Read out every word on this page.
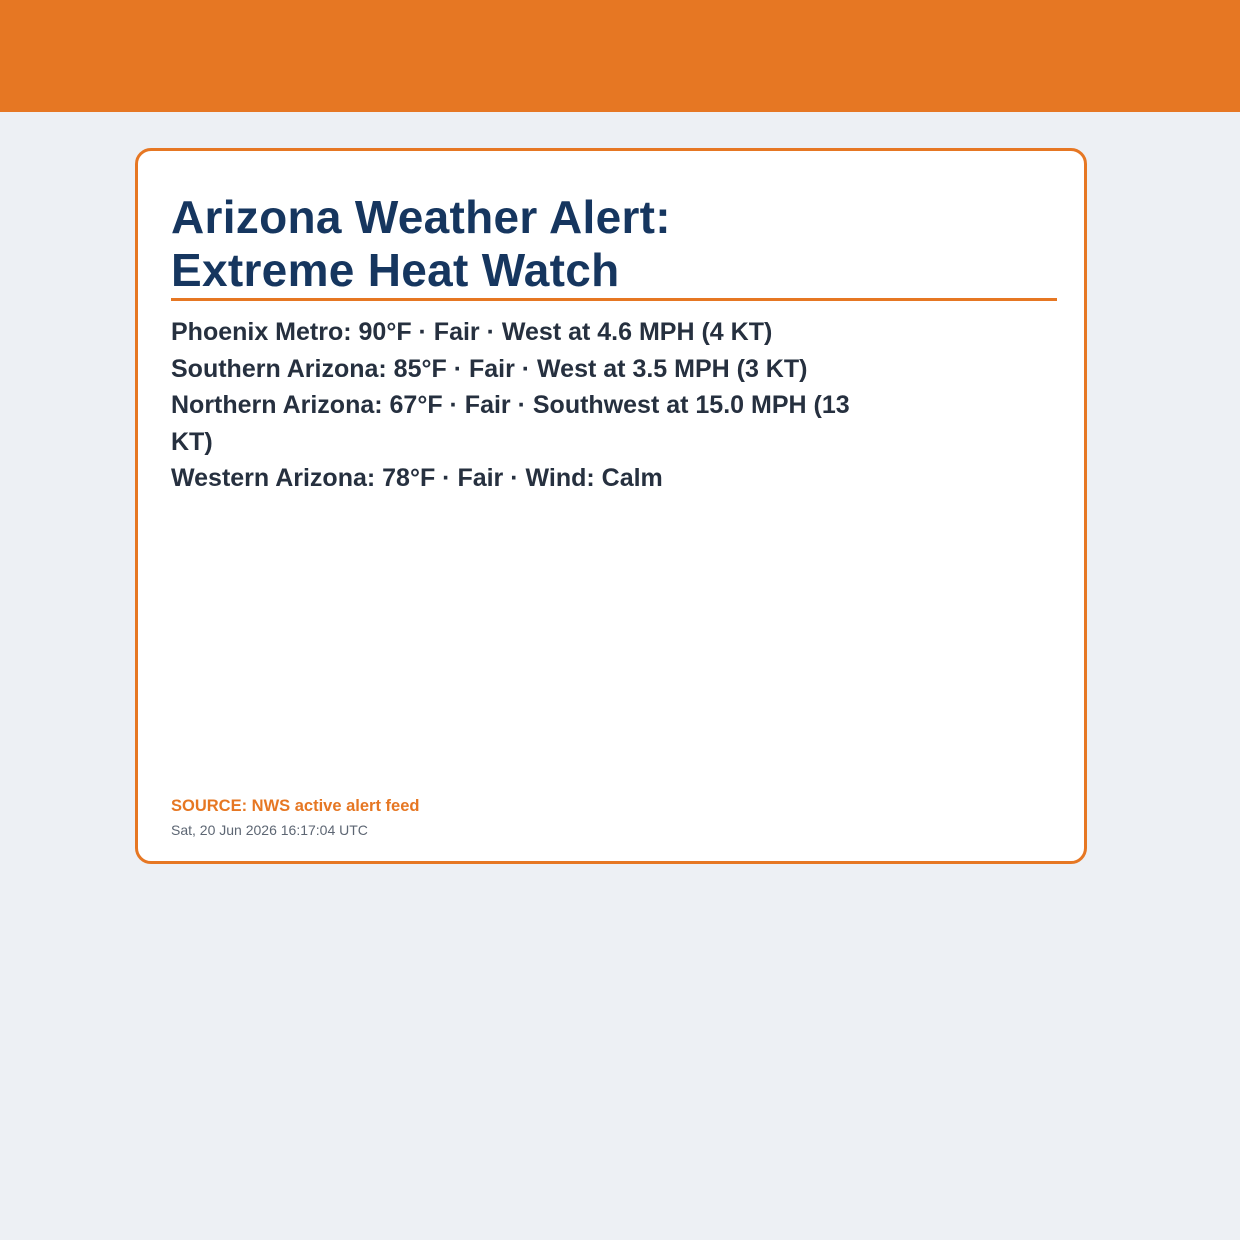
Arizona Weather Alert:
Extreme Heat Watch
Phoenix Metro: 90°F · Fair · West at 4.6 MPH (4 KT)
Southern Arizona: 85°F · Fair · West at 3.5 MPH (3 KT)
Northern Arizona: 67°F · Fair · Southwest at 15.0 MPH (13 KT)
Western Arizona: 78°F · Fair · Wind: Calm
SOURCE: NWS active alert feed
Sat, 20 Jun 2026 16:17:04 UTC
